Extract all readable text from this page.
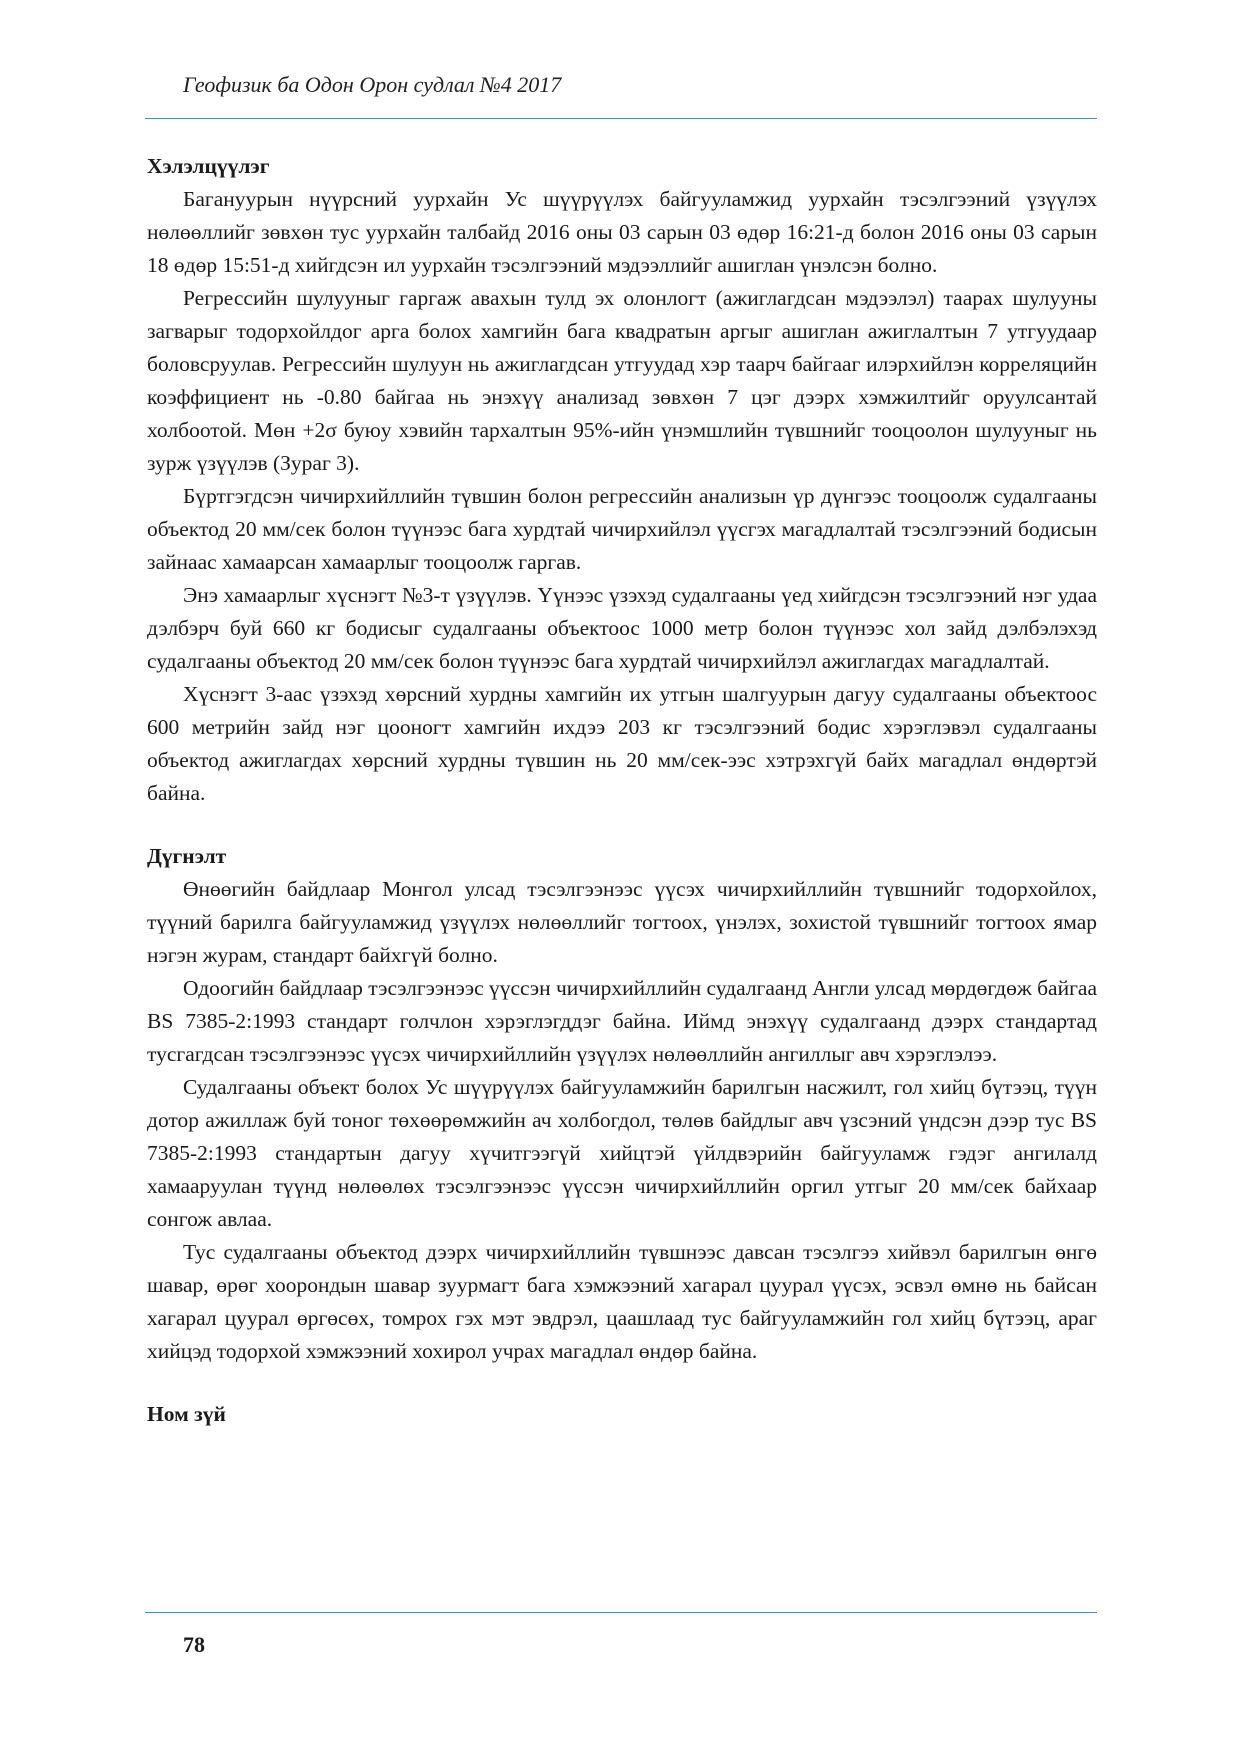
Геофизик ба Одон Орон судлал №4 2017
Хэлэлцүүлэг

Багануурын нүүрсний уурхайн Ус шүүрүүлэх байгууламжид уурхайн тэсэлгээний үзүүлэх нөлөөллийг зөвхөн тус уурхайн талбайд 2016 оны 03 сарын 03 өдөр 16:21-д болон 2016 оны 03 сарын 18 өдөр 15:51-д хийгдсэн ил уурхайн тэсэлгээний мэдээллийг ашиглан үнэлсэн болно.

Регрессийн шулууныг гаргаж авахын тулд эх олонлогт (ажиглагдсан мэдээлэл) таарах шулууны загварыг тодорхойлдог арга болох хамгийн бага квадратын аргыг ашиглан ажиглалтын 7 утгуудаар боловсруулав. Регрессийн шулуун нь ажиглагдсан утгуудад хэр таарч байгааг илэрхийлэн корреляцийн коэффициент нь -0.80 байгаа нь энэхүү анализад зөвхөн 7 цэг дээрх хэмжилтийг оруулсантай холбоотой. Мөн +2σ буюу хэвийн тархалтын 95%-ийн үнэмшлийн түвшнийг тооцоолон шулууныг нь зурж үзүүлэв (Зураг 3).

Бүртгэгдсэн чичирхийллийн түвшин болон регрессийн анализын үр дүнгээс тооцоолж судалгааны объектод 20 мм/сек болон түүнээс бага хурдтай чичирхийлэл үүсгэх магадлалтай тэсэлгээний бодисын зайнаас хамаарсан хамаарлыг тооцоолж гаргав.

Энэ хамаарлыг хүснэгт №3-т үзүүлэв. Үүнээс үзэхэд судалгааны үед хийгдсэн тэсэлгээний нэг удаа дэлбэрч буй 660 кг бодисыг судалгааны объектоос 1000 метр болон түүнээс хол зайд дэлбэлэхэд судалгааны объектод 20 мм/сек болон түүнээс бага хурдтай чичирхийлэл ажиглагдах магадлалтай.

Хүснэгт 3-аас үзэхэд хөрсний хурдны хамгийн их утгын шалгуурын дагуу судалгааны объектоос 600 метрийн зайд нэг цооногт хамгийн ихдээ 203 кг тэсэлгээний бодис хэрэглэвэл судалгааны объектод ажиглагдах хөрсний хурдны түвшин нь 20 мм/сек-ээс хэтрэхгүй байх магадлал өндөртэй байна.

Дүгнэлт

Өнөөгийн байдлаар Монгол улсад тэсэлгээнээс үүсэх чичирхийллийн түвшнийг тодорхойлох, түүний барилга байгууламжид үзүүлэх нөлөөллийг тогтоох, үнэлэх, зохистой түвшнийг тогтоох ямар нэгэн журам, стандарт байхгүй болно.

Одоогийн байдлаар тэсэлгээнээс үүссэн чичирхийллийн судалгаанд Англи улсад мөрдөгдөж байгаа BS 7385-2:1993 стандарт голчлон хэрэглэгддэг байна. Иймд энэхүү судалгаанд дээрх стандартад тусгагдсан тэсэлгээнээс үүсэх чичирхийллийн үзүүлэх нөлөөллийн ангиллыг авч хэрэглэлээ.

Судалгааны объект болох Ус шүүрүүлэх байгууламжийн барилгын насжилт, гол хийц бүтээц, түүн дотор ажиллаж буй тоног төхөөрөмжийн ач холбогдол, төлөв байдлыг авч үзсэний үндсэн дээр тус BS 7385-2:1993 стандартын дагуу хүчитгээгүй хийцтэй үйлдвэрийн байгууламж гэдэг ангилалд хамааруулан түүнд нөлөөлөх тэсэлгээнээс үүссэн чичирхийллийн оргил утгыг 20 мм/сек байхаар сонгож авлаа.

Тус судалгааны объектод дээрх чичирхийллийн түвшнээс давсан тэсэлгээ хийвэл барилгын өнгө шавар, өрөг хоорондын шавар зуурмагт бага хэмжээний хагарал цуурал үүсэх, эсвэл өмнө нь байсан хагарал цуурал өргөсөх, томрох гэх мэт эвдрэл, цаашлаад тус байгууламжийн гол хийц бүтээц, араг хийцэд тодорхой хэмжээний хохирол учрах магадлал өндөр байна.

Ном зүй
78
